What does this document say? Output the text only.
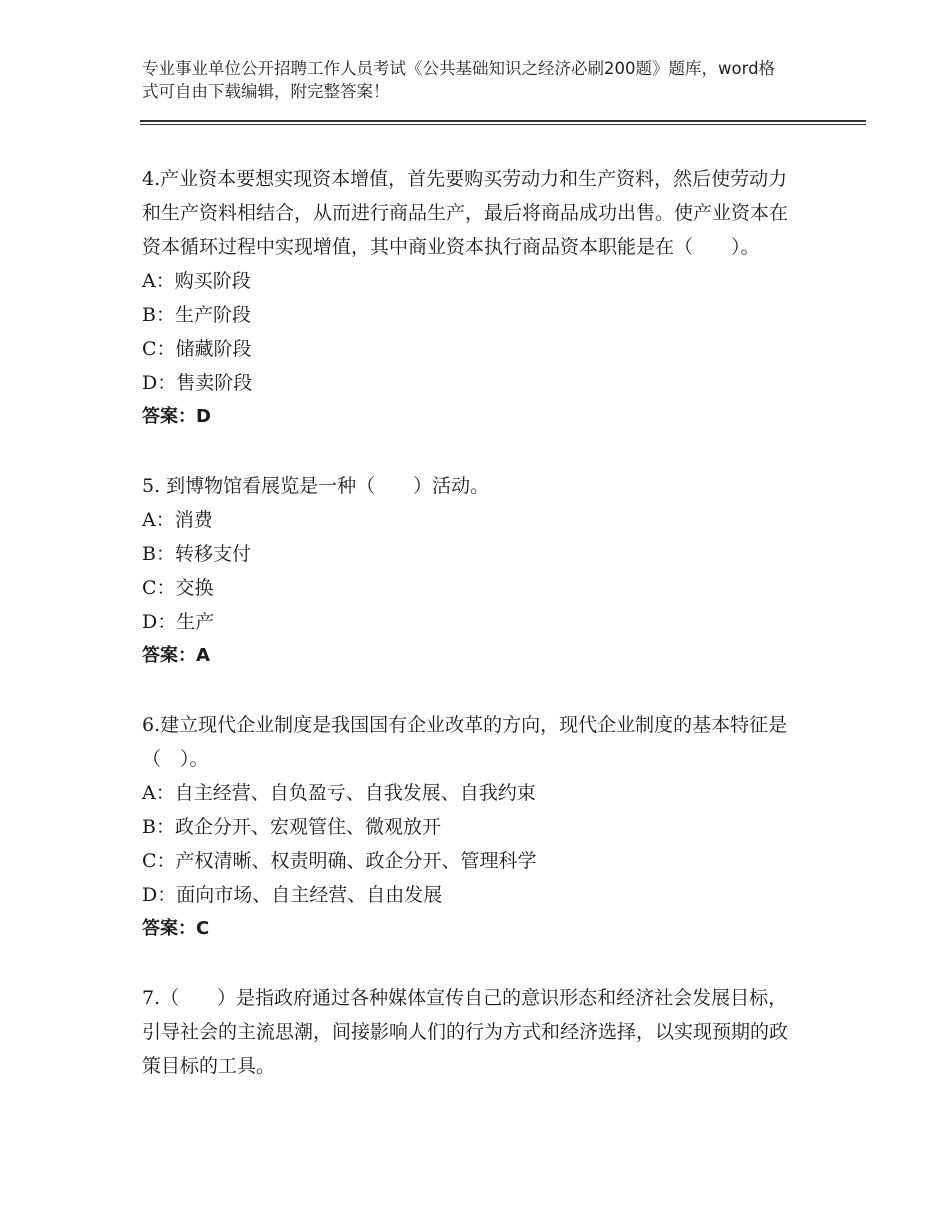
专业事业单位公开招聘工作人员考试《公共基础知识之经济必刷200题》题库，word格式可自由下载编辑，附完整答案！

4.产业资本要想实现资本增值，首先要购买劳动力和生产资料，然后使劳动力和生产资料相结合，从而进行商品生产，最后将商品成功出售。使产业资本在资本循环过程中实现增值，其中商业资本执行商品资本职能是在（　　）。

A：购买阶段

B：生产阶段

C：储藏阶段

D：售卖阶段

答案：D

5. 到博物馆看展览是一种（　　）活动。

A：消费

B：转移支付

C：交换

D：生产

答案：A

6.建立现代企业制度是我国国有企业改革的方向，现代企业制度的基本特征是（　）。

A：自主经营、自负盈亏、自我发展、自我约束

B：政企分开、宏观管住、微观放开

C：产权清晰、权责明确、政企分开、管理科学

D：面向市场、自主经营、自由发展

答案：C

7.（　　）是指政府通过各种媒体宣传自己的意识形态和经济社会发展目标，引导社会的主流思潮，间接影响人们的行为方式和经济选择，以实现预期的政策目标的工具。
